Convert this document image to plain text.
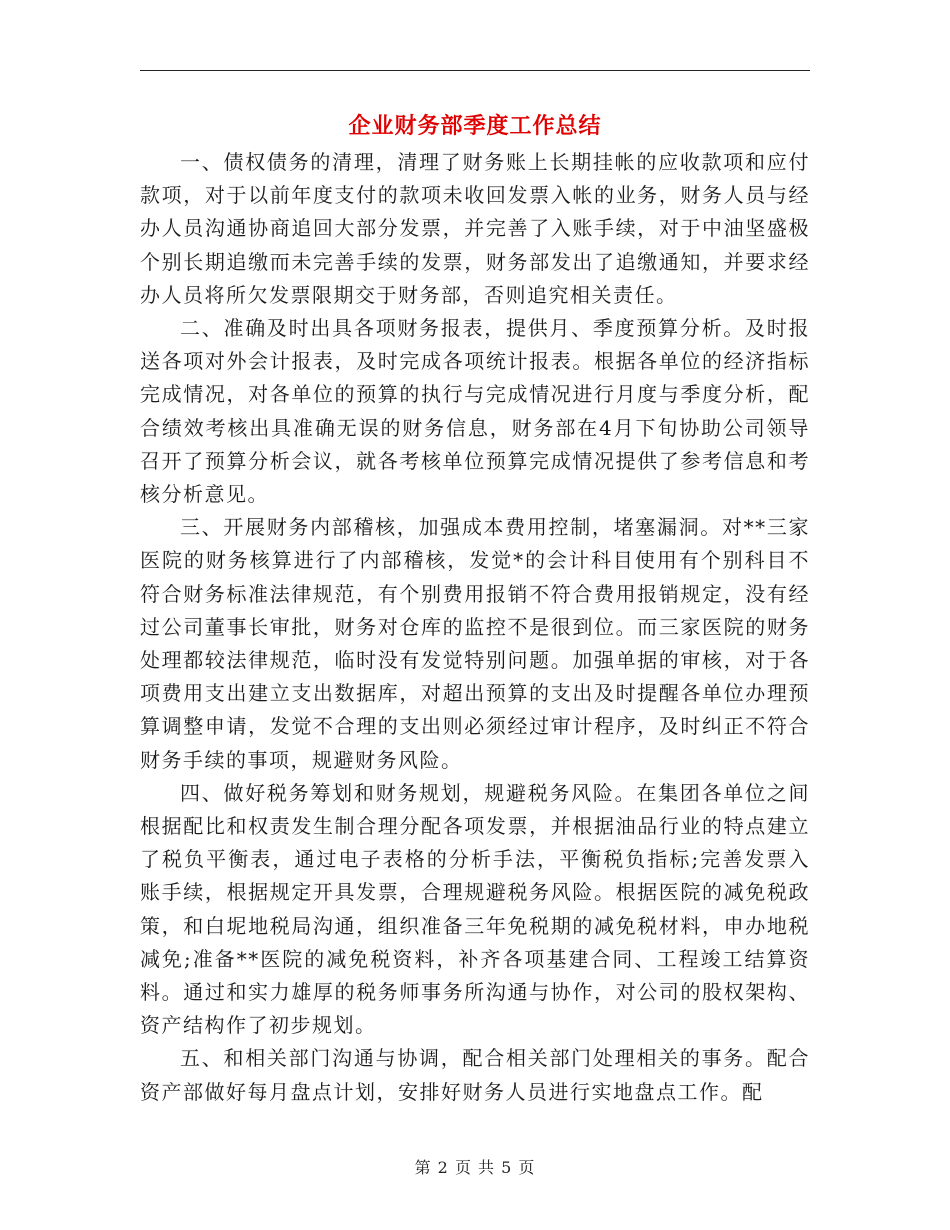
企业财务部季度工作总结

一、债权债务的清理，清理了财务账上长期挂帐的应收款项和应付款项，对于以前年度支付的款项未收回发票入帐的业务，财务人员与经办人员沟通协商追回大部分发票，并完善了入账手续，对于中油坚盛极个别长期追缴而未完善手续的发票，财务部发出了追缴通知，并要求经办人员将所欠发票限期交于财务部，否则追究相关责任。

二、准确及时出具各项财务报表，提供月、季度预算分析。及时报送各项对外会计报表，及时完成各项统计报表。根据各单位的经济指标完成情况，对各单位的预算的执行与完成情况进行月度与季度分析，配合绩效考核出具准确无误的财务信息，财务部在4月下旬协助公司领导召开了预算分析会议，就各考核单位预算完成情况提供了参考信息和考核分析意见。

三、开展财务内部稽核，加强成本费用控制，堵塞漏洞。对**三家医院的财务核算进行了内部稽核，发觉*的会计科目使用有个别科目不符合财务标准法律规范，有个别费用报销不符合费用报销规定，没有经过公司董事长审批，财务对仓库的监控不是很到位。而三家医院的财务处理都较法律规范，临时没有发觉特别问题。加强单据的审核，对于各项费用支出建立支出数据库，对超出预算的支出及时提醒各单位办理预算调整申请，发觉不合理的支出则必须经过审计程序，及时纠正不符合财务手续的事项，规避财务风险。

四、做好税务筹划和财务规划，规避税务风险。在集团各单位之间根据配比和权责发生制合理分配各项发票，并根据油品行业的特点建立了税负平衡表，通过电子表格的分析手法，平衡税负指标;完善发票入账手续，根据规定开具发票，合理规避税务风险。根据医院的减免税政策，和白坭地税局沟通，组织准备三年免税期的减免税材料，申办地税减免;准备**医院的减免税资料，补齐各项基建合同、工程竣工结算资料。通过和实力雄厚的税务师事务所沟通与协作，对公司的股权架构、资产结构作了初步规划。

五、和相关部门沟通与协调，配合相关部门处理相关的事务。配合资产部做好每月盘点计划，安排好财务人员进行实地盘点工作。配

第 2 页 共 5 页
